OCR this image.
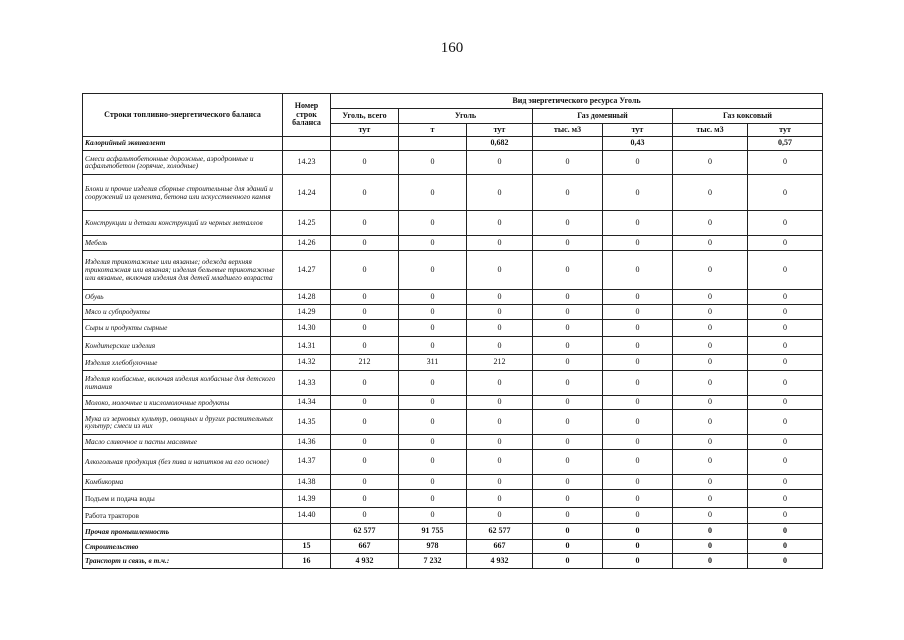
160
Строки топливно-энергетического баланса	Номер строк баланса	Вид энергетического ресурса Уголь						
		Уголь, всего	Уголь		Газ доменный		Газ коксовый	
		тут	т	тут	тыс. м3	тут	тыс. м3	тут
Калорийный эквивалент				0,682		0,43		0,57
Смеси асфальтобетонные дорожные, аэродромные и асфальтобетон (горячие, холодные)	14.23	0	0	0	0	0	0	0
Блоки и прочие изделия сборные строительные для зданий и сооружений из цемента, бетона или искусственного камня	14.24	0	0	0	0	0	0	0
Конструкции и детали конструкций из черных металлов	14.25	0	0	0	0	0	0	0
Мебель	14.26	0	0	0	0	0	0	0
Изделия трикотажные или вязаные; одежда верхняя трикотажная или вязаная; изделия бельевые трикотажные или вязаные, включая изделия для детей младшего возраста	14.27	0	0	0	0	0	0	0
Обувь	14.28	0	0	0	0	0	0	0
Мясо и субпродукты	14.29	0	0	0	0	0	0	0
Сыры и продукты сырные	14.30	0	0	0	0	0	0	0
Кондитерские изделия	14.31	0	0	0	0	0	0	0
Изделия хлебобулочные	14.32	212	311	212	0	0	0	0
Изделия колбасные, включая изделия колбасные для детского питания	14.33	0	0	0	0	0	0	0
Молоко, молочные и кисломолочные продукты	14.34	0	0	0	0	0	0	0
Мука из зерновых культур, овощных и других растительных культур; смеси из них	14.35	0	0	0	0	0	0	0
Масло сливочное и пасты масляные	14.36	0	0	0	0	0	0	0
Алкогольная продукция (без пива и напитков на его основе)	14.37	0	0	0	0	0	0	0
Комбикорма	14.38	0	0	0	0	0	0	0
Подъем и подача воды	14.39	0	0	0	0	0	0	0
Работа тракторов	14.40	0	0	0	0	0	0	0
Прочая промышленность		62 577	91 755	62 577	0	0	0	0
Строительство	15	667	978	667	0	0	0	0
Транспорт и связь, в т.ч.:	16	4 932	7 232	4 932	0	0	0	0
